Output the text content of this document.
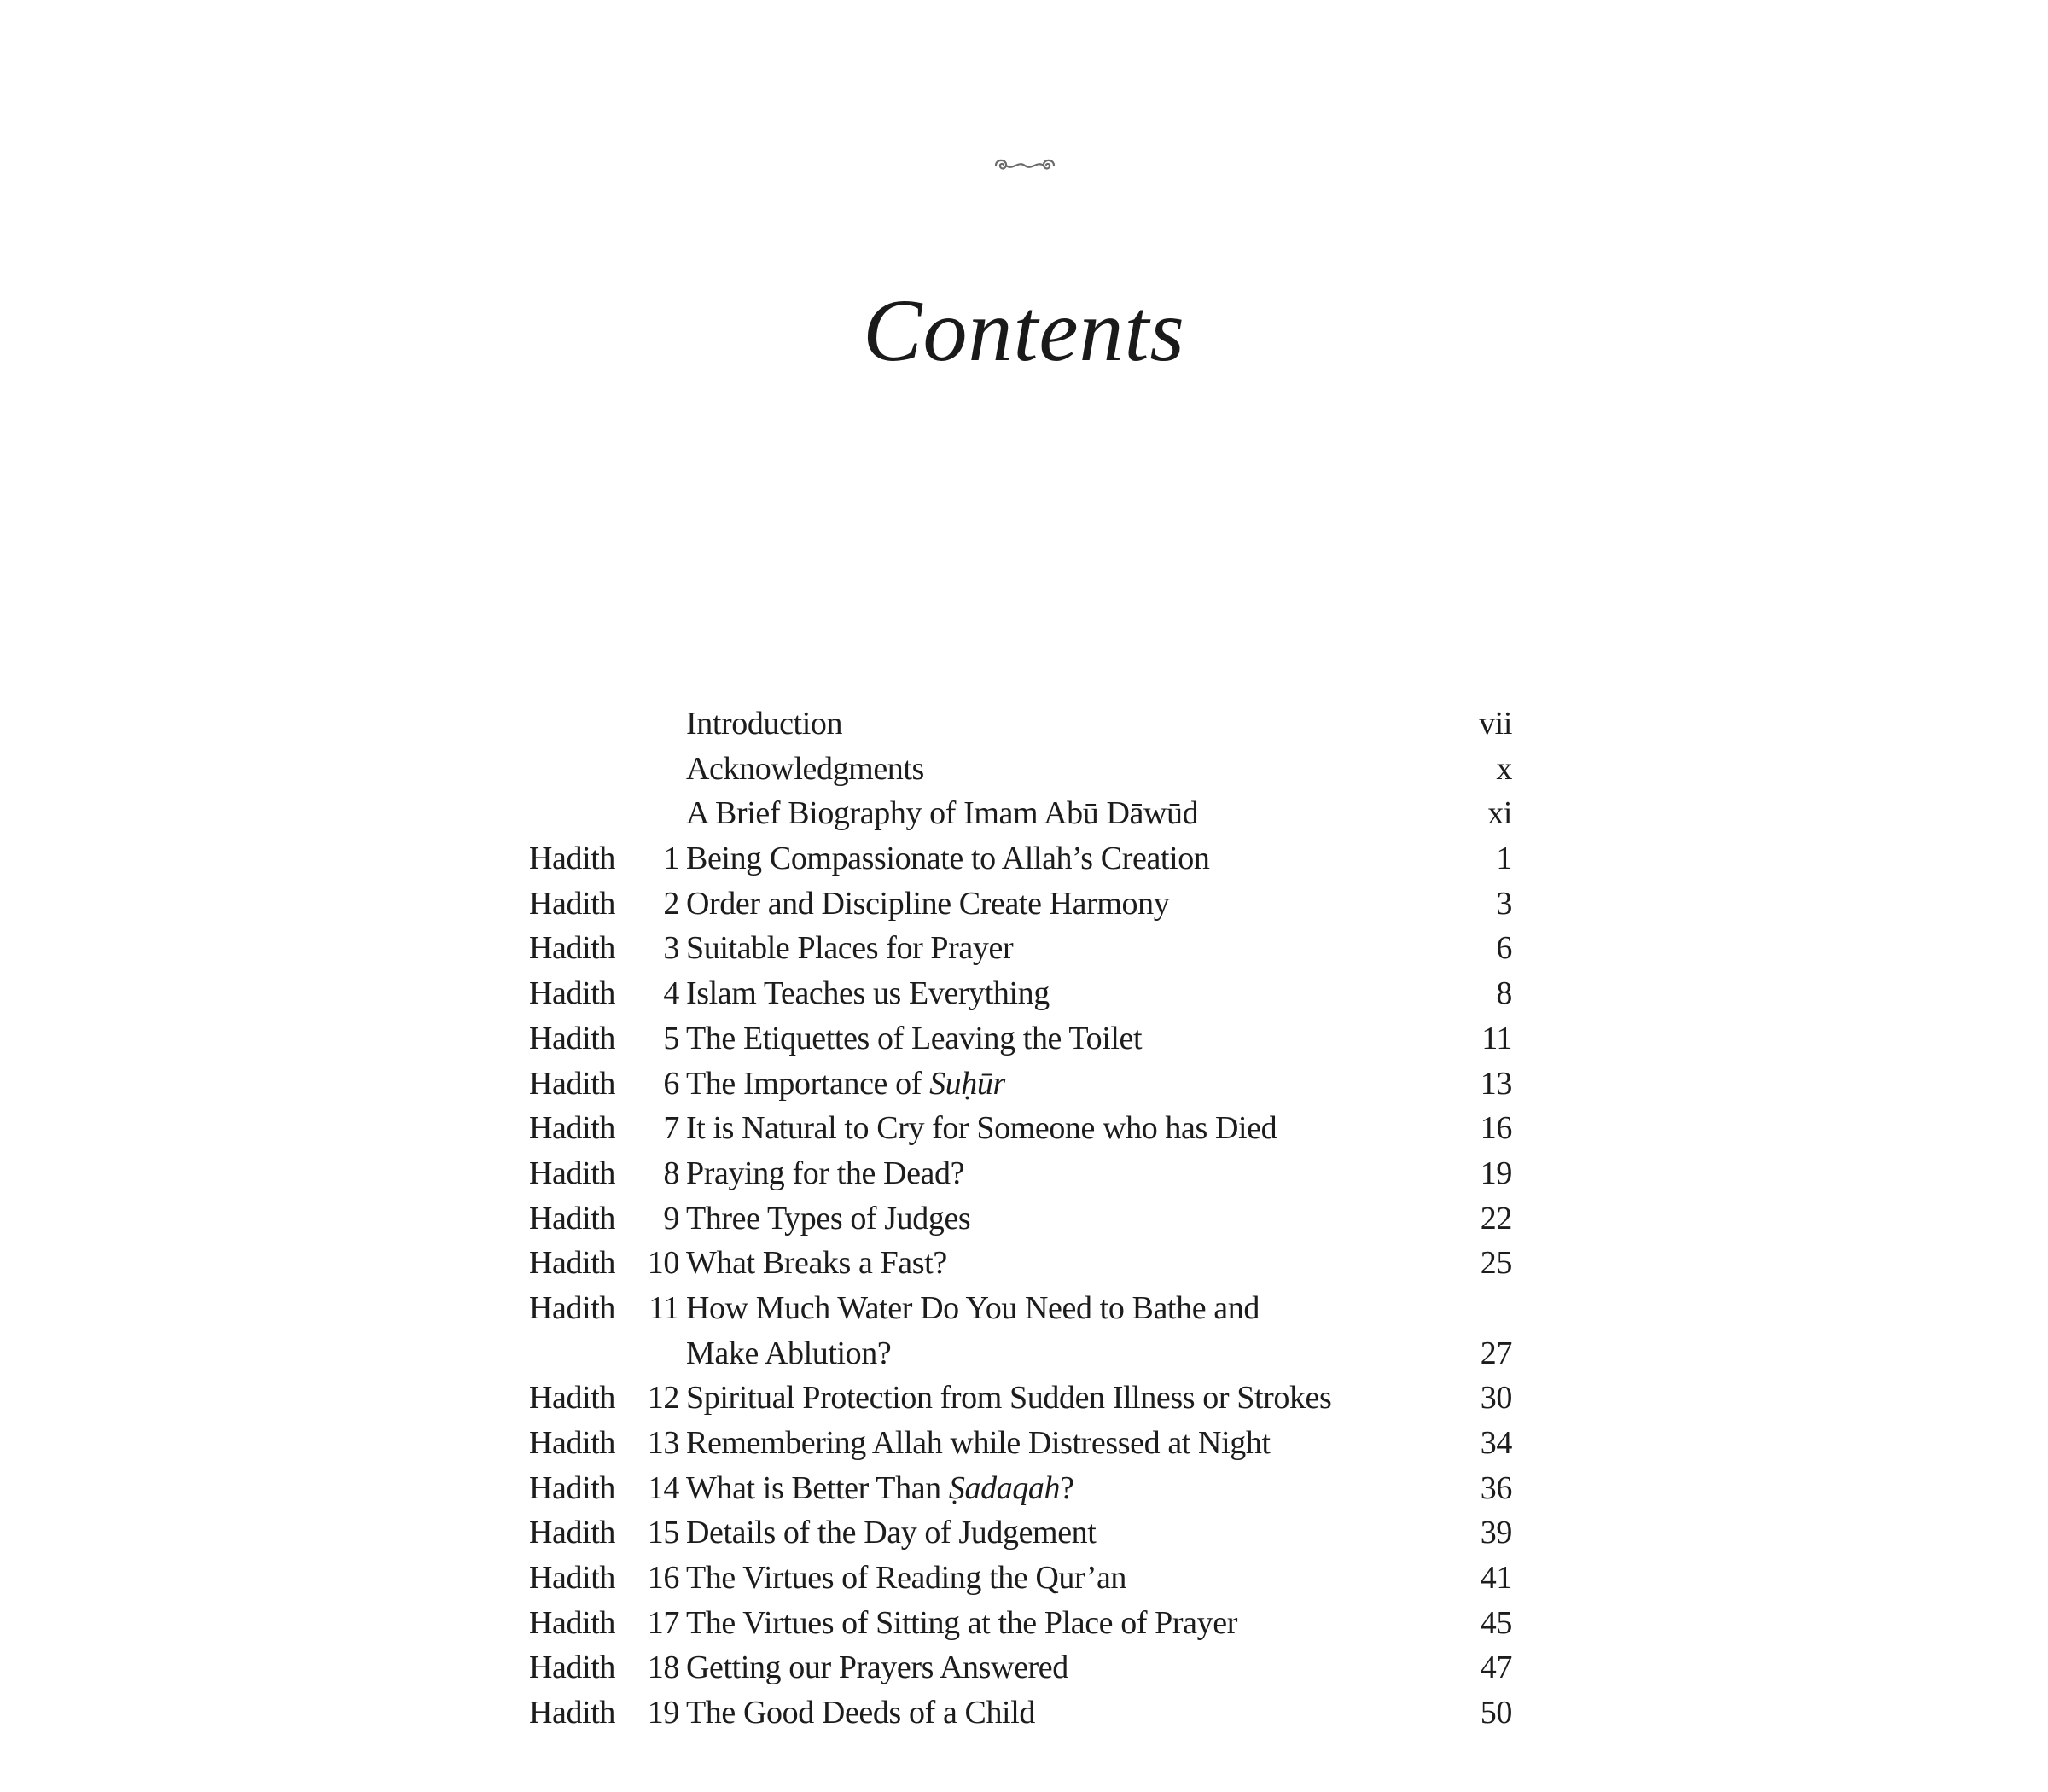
Contents
Introduction	vii
Acknowledgments	x
A Brief Biography of Imam Abū Dāwūd	xi
Hadith	1 Being Compassionate to Allah’s Creation	1
Hadith	2 Order and Discipline Create Harmony	3
Hadith	3 Suitable Places for Prayer	6
Hadith	4 Islam Teaches us Everything	8
Hadith	5 The Etiquettes of Leaving the Toilet	11
Hadith	6 The Importance of Suḥūr	13
Hadith	7 It is Natural to Cry for Someone who has Died	16
Hadith	8 Praying for the Dead?	19
Hadith	9 Three Types of Judges	22
Hadith 10 What Breaks a Fast?	25
Hadith	11 How Much Water Do You Need to Bathe and
Make Ablution?	27
Hadith 12 Spiritual Protection from Sudden Illness or Strokes	30
Hadith 13 Remembering Allah while Distressed at Night	34
Hadith 14 What is Better Than Ṣadaqah?	36
Hadith 15 Details of the Day of Judgement	39
Hadith 16 The Virtues of Reading the Qur’an	41
Hadith 17 The Virtues of Sitting at the Place of Prayer	45
Hadith 18 Getting our Prayers Answered	47
Hadith 19 The Good Deeds of a Child	50
